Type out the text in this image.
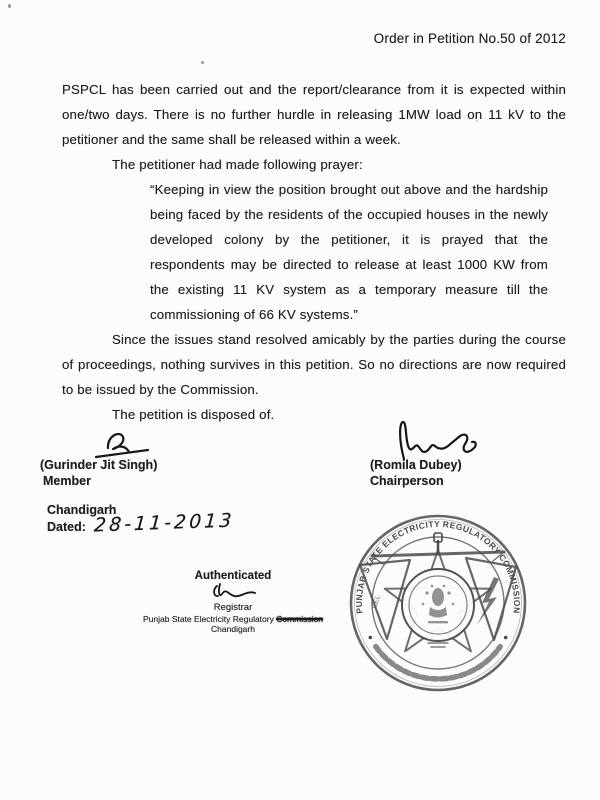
Order in Petition No.50 of 2012

PSPCL has been carried out and the report/clearance from it is expected within one/two days. There is no further hurdle in releasing 1MW load on 11 kV to the petitioner and the same shall be released within a week.

The petitioner had made following prayer:

“Keeping in view the position brought out above and the hardship being faced by the residents of the occupied houses in the newly developed colony by the petitioner, it is prayed that the respondents may be directed to release at least 1000 KW from the existing 11 KV system as a temporary measure till the commissioning of 66 KV systems.”

Since the issues stand resolved amicably by the parties during the course of proceedings, nothing survives in this petition. So no directions are now required to be issued by the Commission.

The petition is disposed of.

(Gurinder Jit Singh)
Member
(Romila Dubey)
Chairperson
Chandigarh
Dated: 28-11-2013
Authenticated
Registrar
Punjab State Electricity Regulatory Commission
Chandigarh
CEL
PUNJAB STATE ELECTRICITY REGULATORY COMMISSION
